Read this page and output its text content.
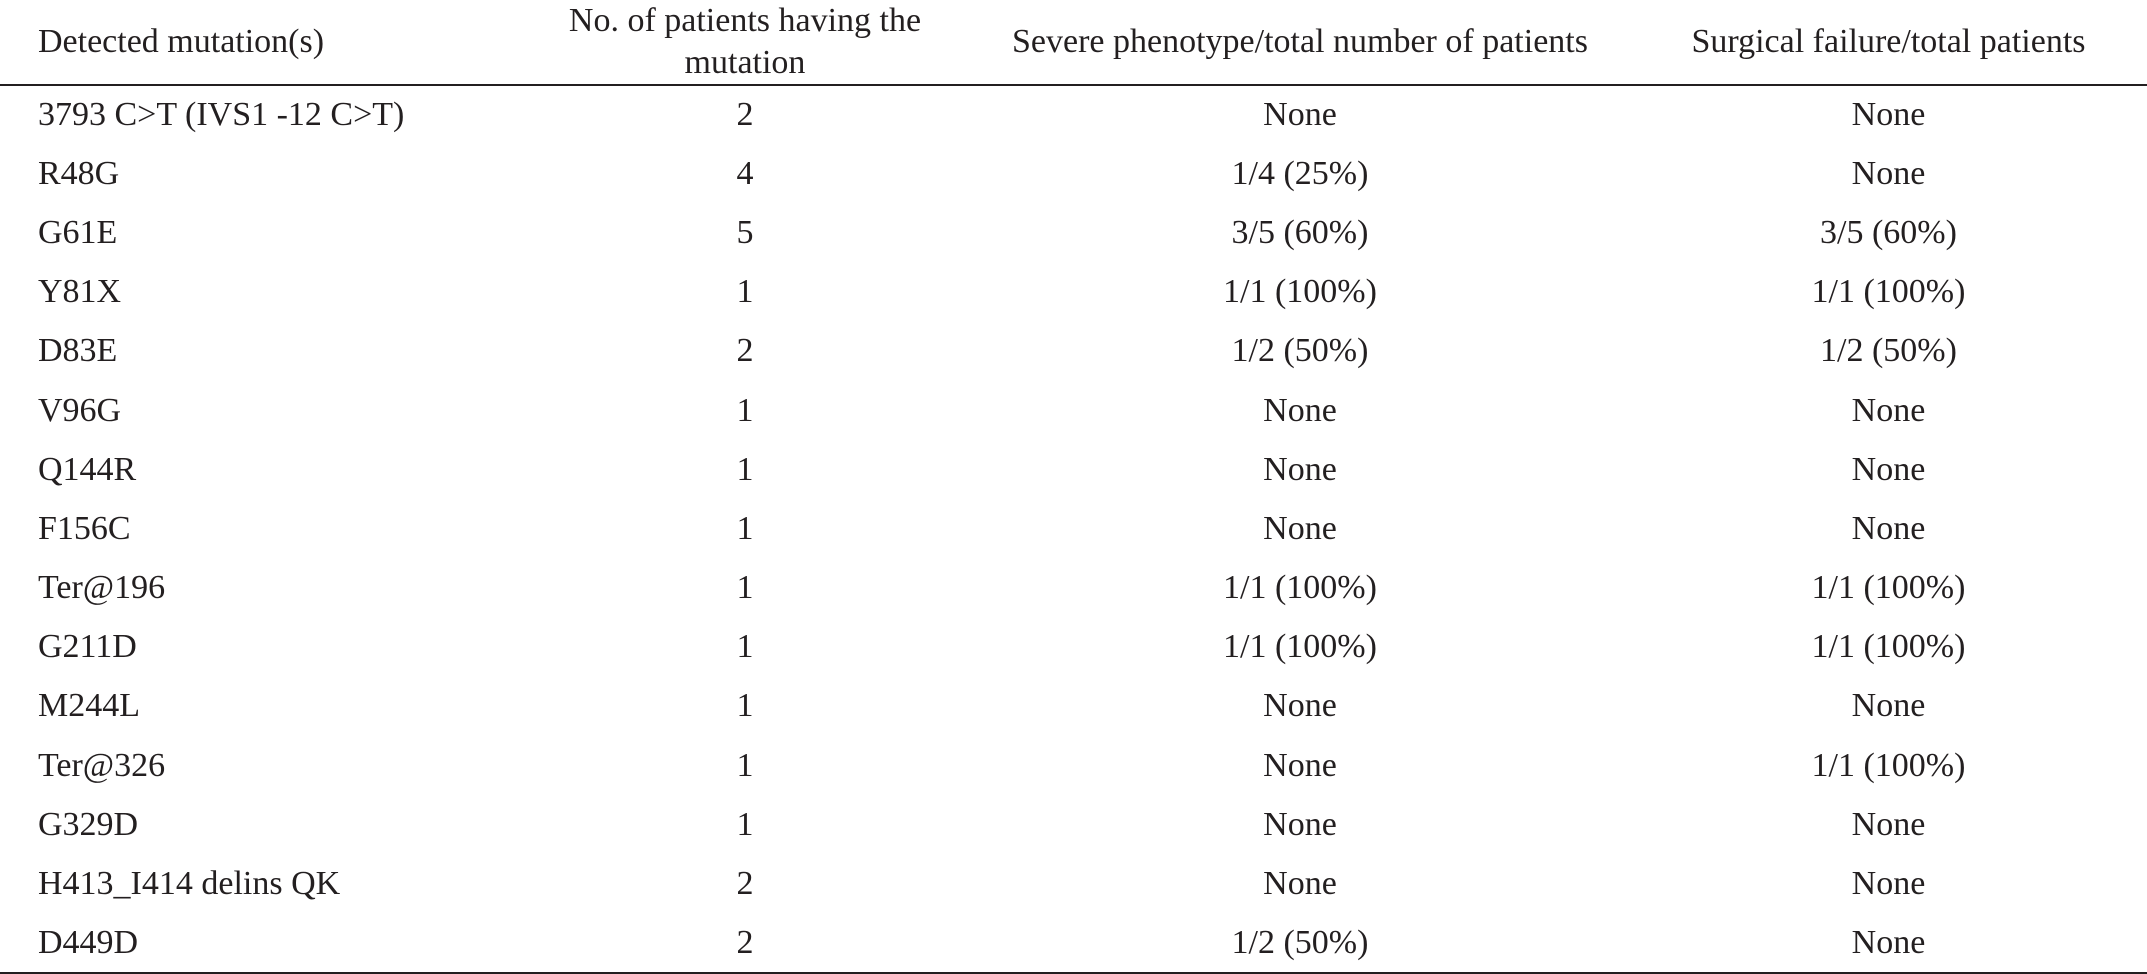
Detected mutation(s)	No. of patients having the mutation	Severe phenotype/total number of patients	Surgical failure/total patients
3793 C>T (IVS1 -12 C>T)	2	None	None
R48G	4	1/4 (25%)	None
G61E	5	3/5 (60%)	3/5 (60%)
Y81X	1	1/1 (100%)	1/1 (100%)
D83E	2	1/2 (50%)	1/2 (50%)
V96G	1	None	None
Q144R	1	None	None
F156C	1	None	None
Ter@196	1	1/1 (100%)	1/1 (100%)
G211D	1	1/1 (100%)	1/1 (100%)
M244L	1	None	None
Ter@326	1	None	1/1 (100%)
G329D	1	None	None
H413_I414 delins QK	2	None	None
D449D	2	1/2 (50%)	None
